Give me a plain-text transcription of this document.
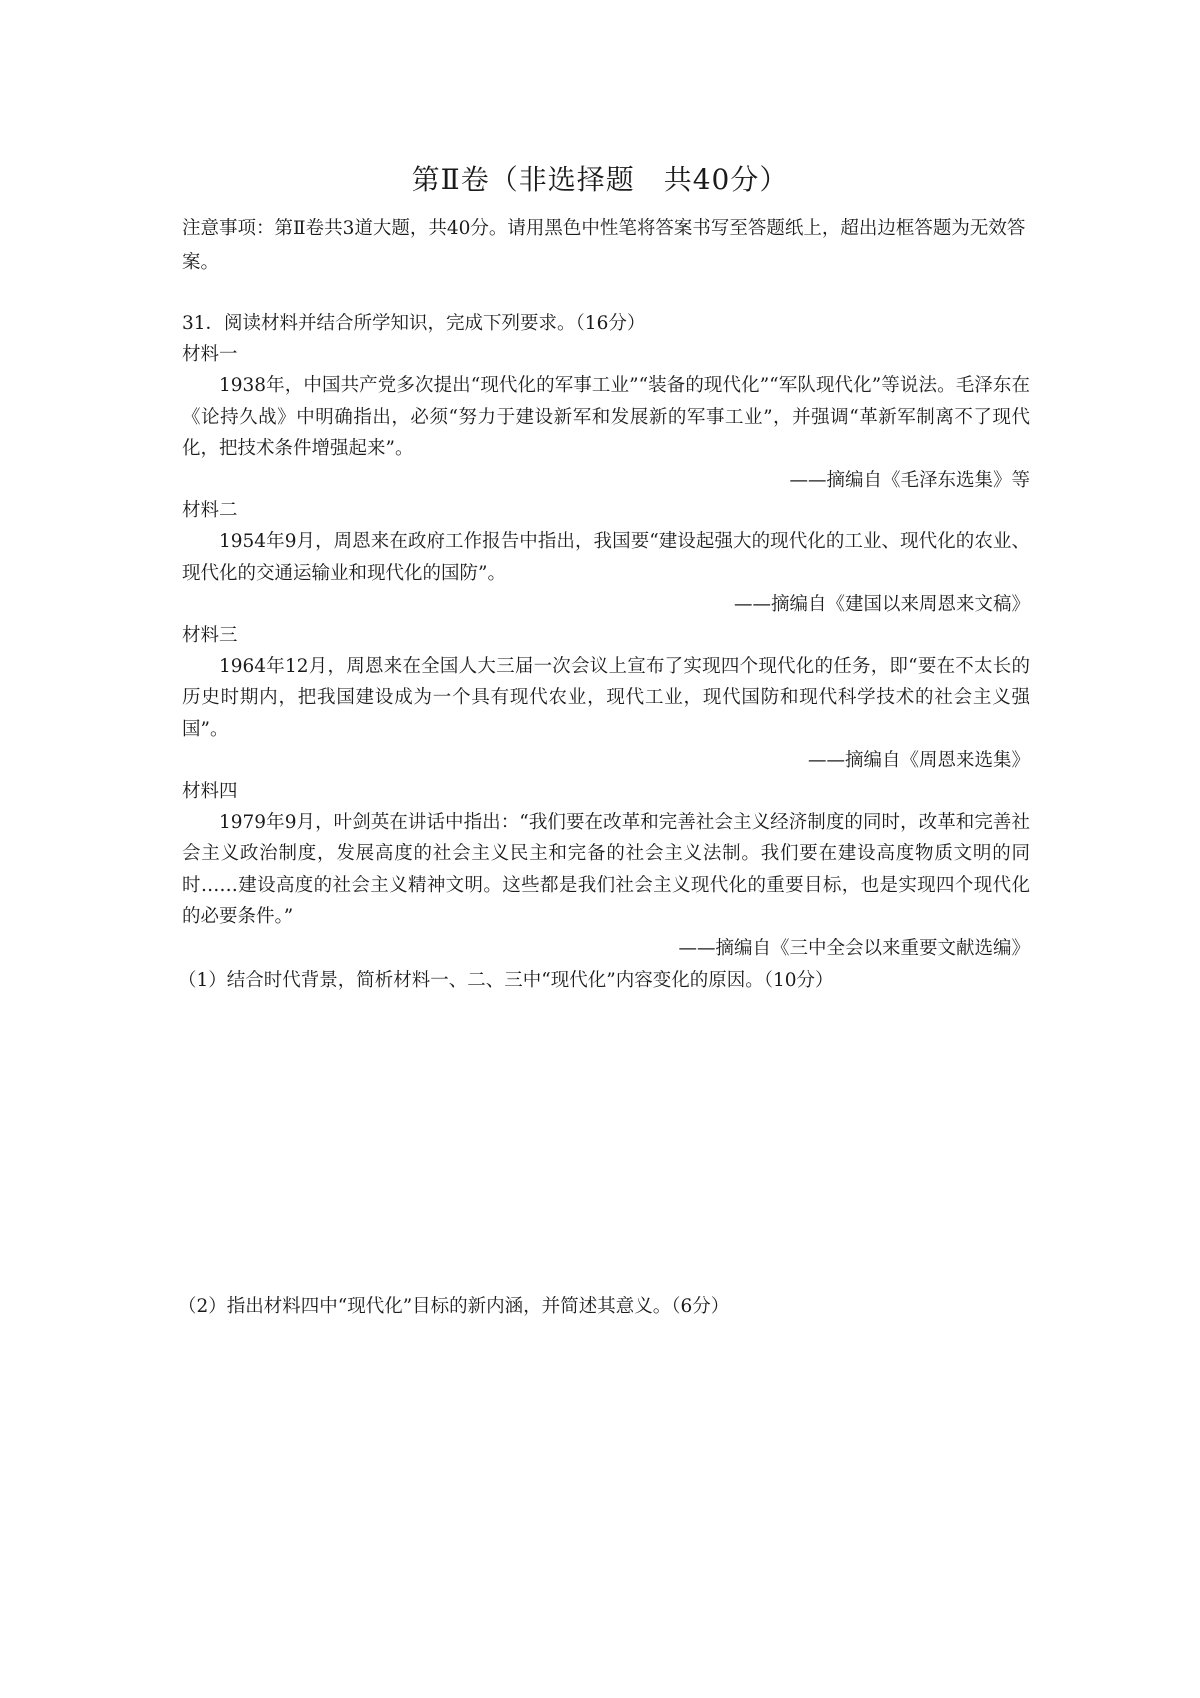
第Ⅱ卷（非选择题　共40分）
注意事项：第Ⅱ卷共3道大题，共40分。请用黑色中性笔将答案书写至答题纸上，超出边框答题为无效答案。
31．阅读材料并结合所学知识，完成下列要求。（16分）
材料一

1938年，中国共产党多次提出“现代化的军事工业”“装备的现代化”“军队现代化”等说法。毛泽东在《论持久战》中明确指出，必须“努力于建设新军和发展新的军事工业”，并强调“革新军制离不了现代化，把技术条件增强起来”。

——摘编自《毛泽东选集》等
材料二

1954年9月，周恩来在政府工作报告中指出，我国要“建设起强大的现代化的工业、现代化的农业、现代化的交通运输业和现代化的国防”。

——摘编自《建国以来周恩来文稿》
材料三

1964年12月，周恩来在全国人大三届一次会议上宣布了实现四个现代化的任务，即“要在不太长的历史时期内，把我国建设成为一个具有现代农业，现代工业，现代国防和现代科学技术的社会主义强国”。

——摘编自《周恩来选集》
材料四

1979年9月，叶剑英在讲话中指出：“我们要在改革和完善社会主义经济制度的同时，改革和完善社会主义政治制度，发展高度的社会主义民主和完备的社会主义法制。我们要在建设高度物质文明的同时……建设高度的社会主义精神文明。这些都是我们社会主义现代化的重要目标，也是实现四个现代化的必要条件。”

——摘编自《三中全会以来重要文献选编》
（1）结合时代背景，简析材料一、二、三中“现代化”内容变化的原因。（10分）
（2）指出材料四中“现代化”目标的新内涵，并简述其意义。（6分）
